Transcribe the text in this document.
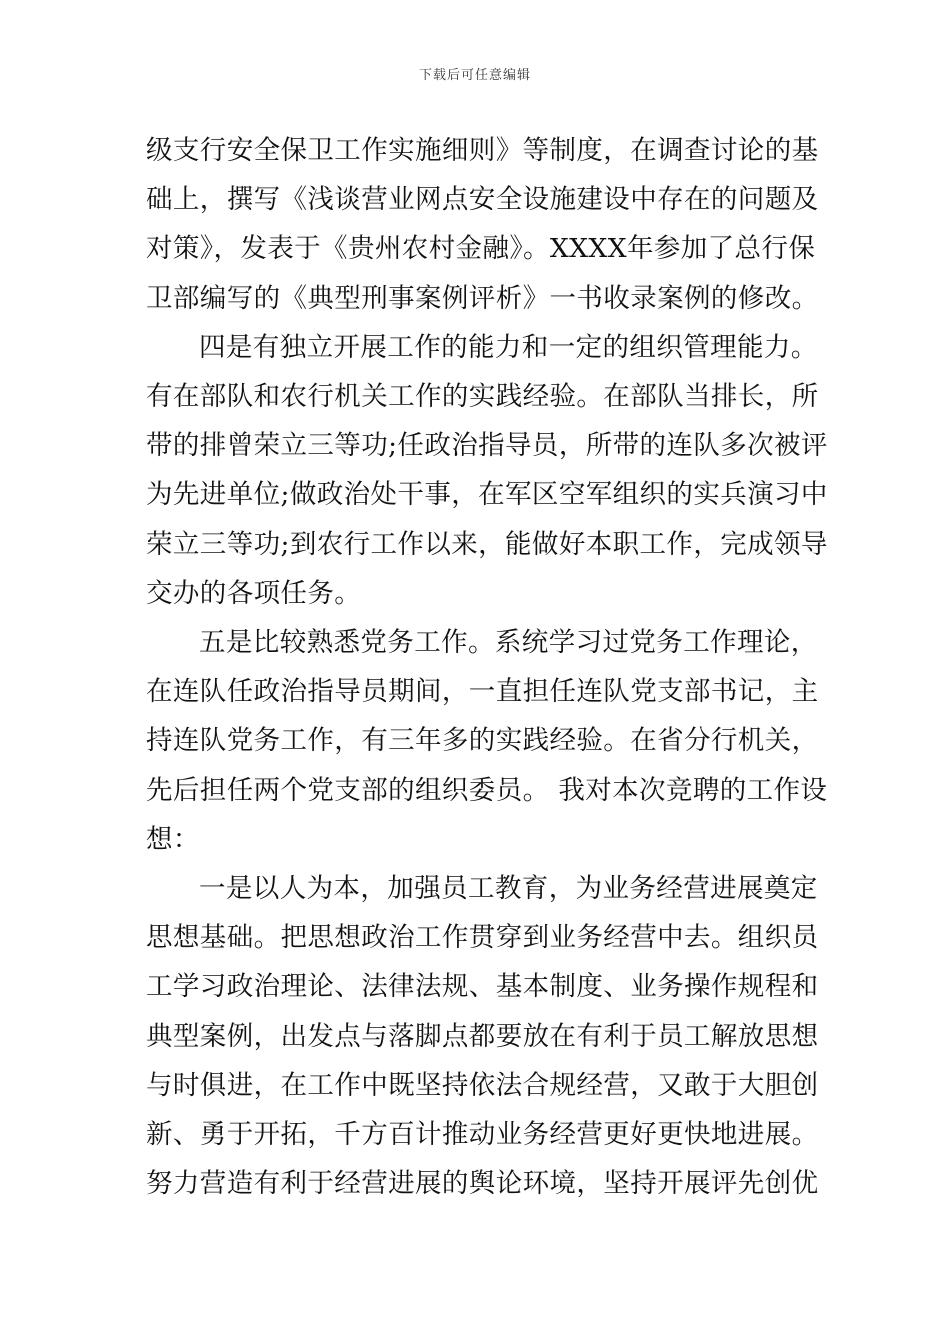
下载后可任意编辑

级支行安全保卫工作实施细则》等制度，在调查讨论的基

础上，撰写《浅谈营业网点安全设施建设中存在的问题及

对策》，发表于《贵州农村金融》。XXXX年参加了总行保

卫部编写的《典型刑事案例评析》一书收录案例的修改。

四是有独立开展工作的能力和一定的组织管理能力。

有在部队和农行机关工作的实践经验。在部队当排长，所

带的排曾荣立三等功;任政治指导员，所带的连队多次被评

为先进单位;做政治处干事，在军区空军组织的实兵演习中

荣立三等功;到农行工作以来，能做好本职工作，完成领导

交办的各项任务。

五是比较熟悉党务工作。系统学习过党务工作理论，

在连队任政治指导员期间，一直担任连队党支部书记，主

持连队党务工作，有三年多的实践经验。在省分行机关，

先后担任两个党支部的组织委员。 我对本次竞聘的工作设

想：

一是以人为本，加强员工教育，为业务经营进展奠定

思想基础。把思想政治工作贯穿到业务经营中去。组织员

工学习政治理论、法律法规、基本制度、业务操作规程和

典型案例，出发点与落脚点都要放在有利于员工解放思想

与时俱进，在工作中既坚持依法合规经营，又敢于大胆创

新、勇于开拓，千方百计推动业务经营更好更快地进展。

努力营造有利于经营进展的舆论环境，坚持开展评先创优
